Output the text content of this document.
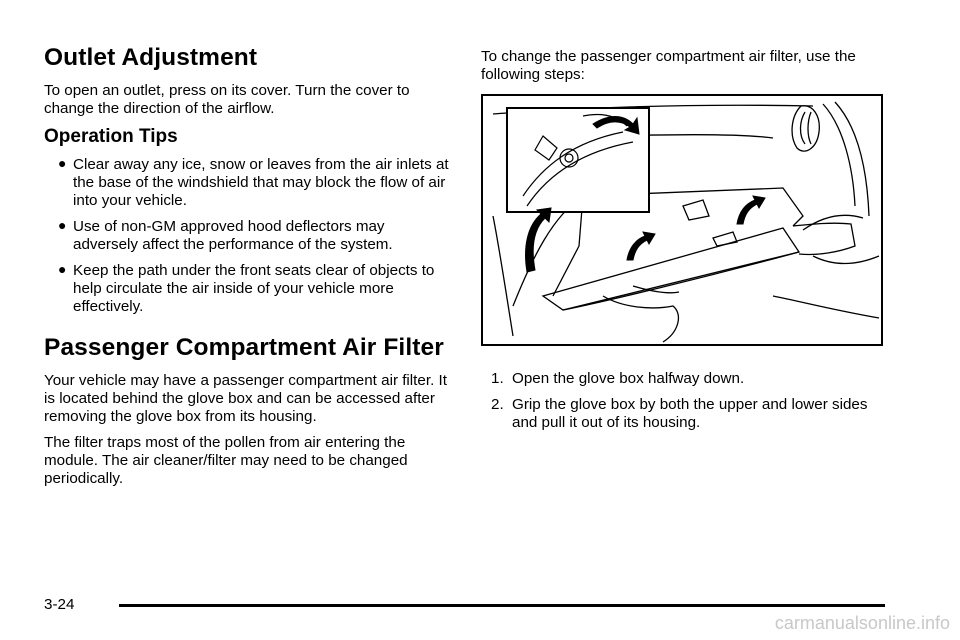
Outlet Adjustment

To open an outlet, press on its cover. Turn the cover to change the direction of the airflow.

Operation Tips
● Clear away any ice, snow or leaves from the air inlets at the base of the windshield that may block the flow of air into your vehicle.
● Use of non-GM approved hood deflectors may adversely affect the performance of the system.
● Keep the path under the front seats clear of objects to help circulate the air inside of your vehicle more effectively.
Passenger Compartment Air Filter

Your vehicle may have a passenger compartment air filter. It is located behind the glove box and can be accessed after removing the glove box from its housing.

The filter traps most of the pollen from air entering the module. The air cleaner/filter may need to be changed periodically.

To change the passenger compartment air filter, use the following steps:

1. Open the glove box halfway down.
2. Grip the glove box by both the upper and lower sides and pull it out of its housing.
3-24
carmanualsonline.info
